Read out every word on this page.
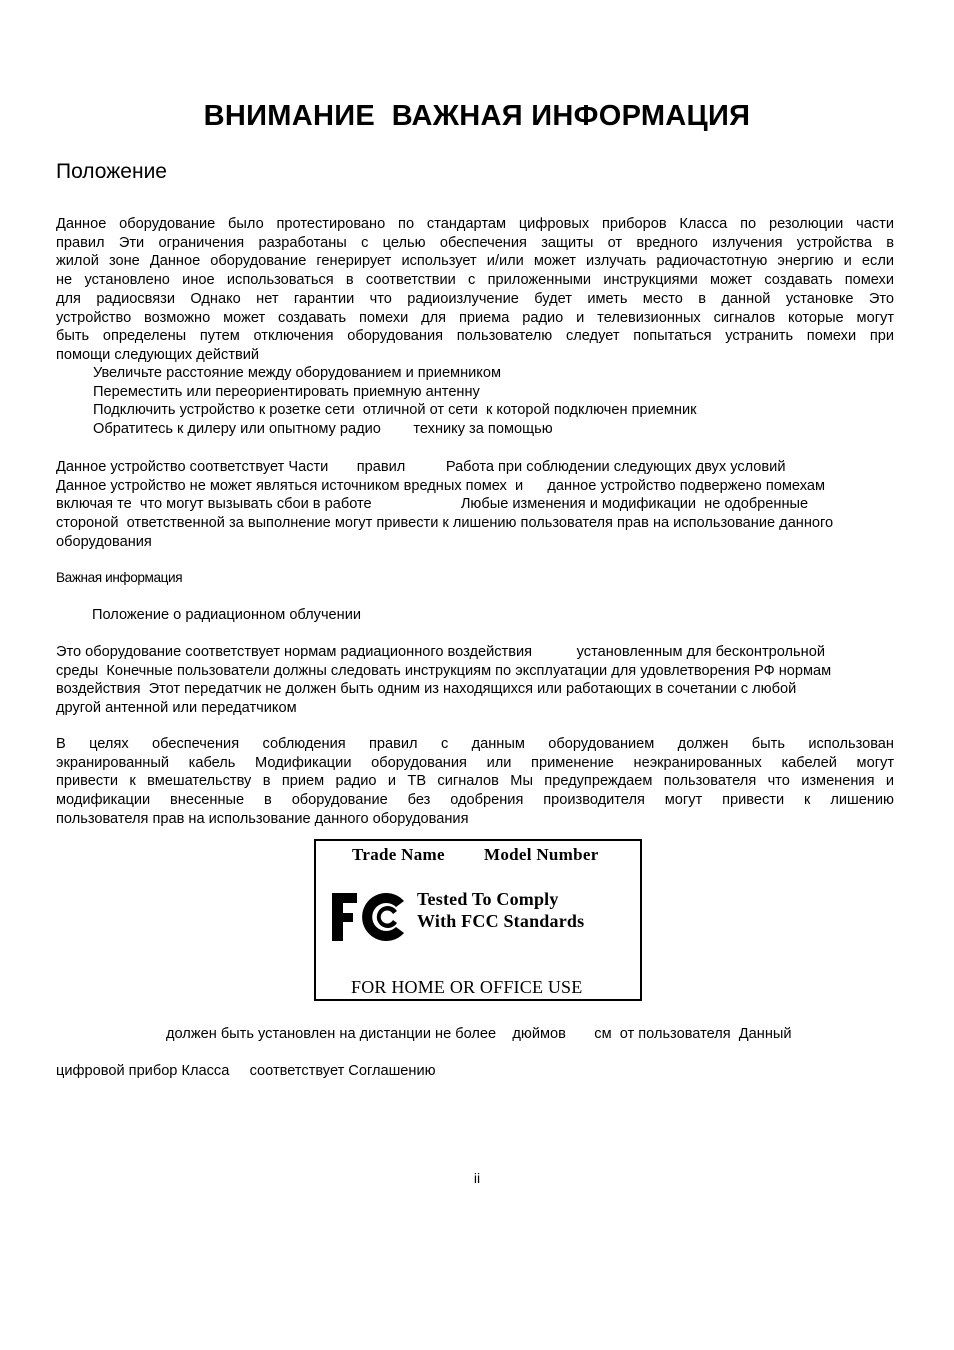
ВНИМАНИЕ  ВАЖНАЯ ИНФОРМАЦИЯ
Положение
Данное оборудование было протестировано по стандартам цифровых приборов Класса по резолюции части
правил Эти ограничения разработаны с целью обеспечения защиты от вредного излучения устройства в
жилой зоне Данное оборудование генерирует использует и/или может излучать радиочастотную энергию и если
не установлено иное использоваться в соответствии с приложенными инструкциями может создавать помехи
для радиосвязи Однако нет гарантии что радиоизлучение будет иметь место в данной установке Это
устройство возможно может создавать помехи для приема радио и телевизионных сигналов которые могут
быть определены путем отключения оборудования пользователю следует попытаться устранить помехи при
помощи следующих действий
Увеличьте расстояние между оборудованием и приемником
Переместить или переориентировать приемную антенну
Подключить устройство к розетке сети  отличной от сети  к которой подключен приемник
Обратитесь к дилеру или опытному радио        технику за помощью
Данное устройство соответствует Части       правил          Работа при соблюдении следующих двух условий
Данное устройство не может являться источником вредных помех  и      данное устройство подвержено помехам
включая те  что могут вызывать сбои в работе                      Любые изменения и модификации  не одобренные
стороной  ответственной за выполнение могут привести к лишению пользователя прав на использование данного
оборудования
Важная информация
Положение о радиационном облучении
Это оборудование соответствует нормам радиационного воздействия           установленным для бесконтрольной
среды  Конечные пользователи должны следовать инструкциям по эксплуатации для удовлетворения РФ нормам
воздействия  Этот передатчик не должен быть одним из находящихся или работающих в сочетании с любой
другой антенной или передатчиком
В целях обеспечения соблюдения правил с данным оборудованием должен быть использован
экранированный кабель Модификации оборудования или применение неэкранированных кабелей могут
привести к вмешательству в прием радио и ТВ сигналов Мы предупреждаем пользователя что изменения и
модификации внесенные в оборудование без одобрения производителя могут привести к лишению
пользователя прав на использование данного оборудования
Trade Name Model Number
Tested To Comply
With FCC Standards
FOR HOME OR OFFICE USE
должен быть установлен на дистанции не более    дюймов       см  от пользователя  Данный
цифровой прибор Класса     соответствует Соглашению
ii
